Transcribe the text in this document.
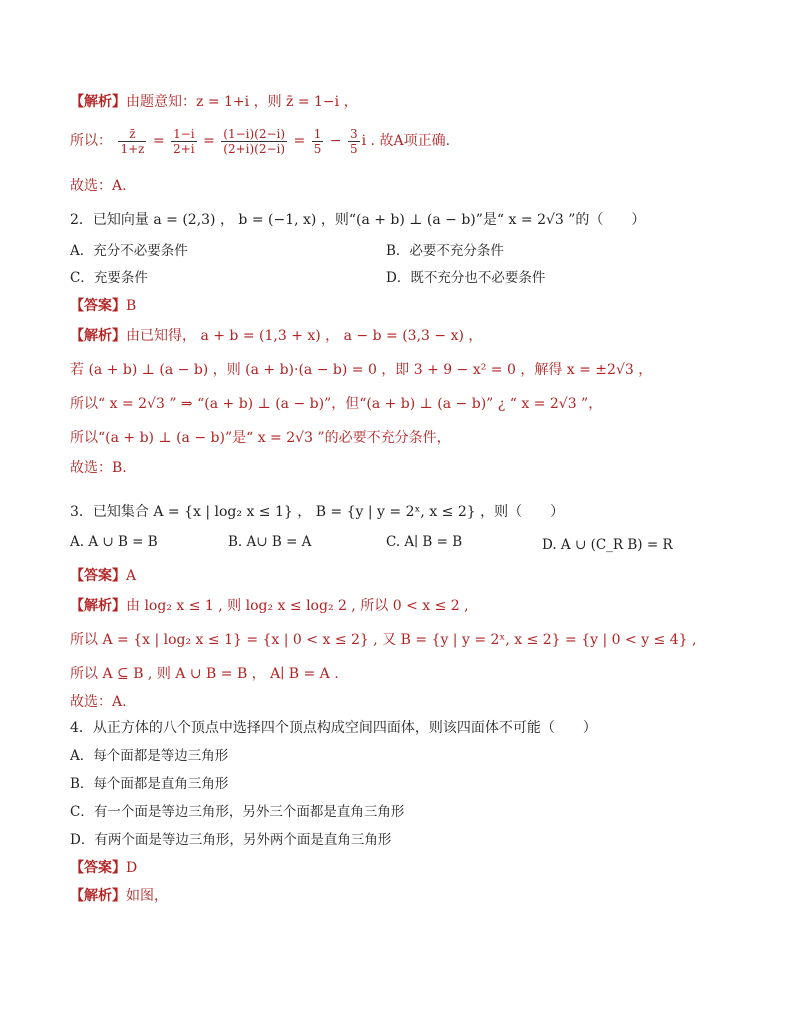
【解析】由题意知：z = 1+i ，则 z̄ = 1−i ，
所以： $\frac{z̄}{1+z} = \frac{1-i}{2+i} = \frac{(1-i)(2-i)}{(2+i)(2-i)} = \frac{1}{5} - \frac{3}{5}$ i . 故A项正确.
故选：A.
2．已知向量 a = (2,3) ， b = (−1, x) ，则“(a + b) ⊥ (a − b)”是“ x = 2√3 ”的（　　）
A．充分不必要条件	B．必要不充分条件
C．充要条件	D．既不充分也不必要条件
【答案】B
【解析】由已知得， a + b = (1,3 + x) ， a − b = (3,3 − x) ，
若 (a + b) ⊥ (a − b) ，则 (a + b)·(a − b) = 0 ，即 3 + 9 − x² = 0 ，解得 x = ±2√3 ，
所以“ x = 2√3 ” ⇒ “(a + b) ⊥ (a − b)”，但“(a + b) ⊥ (a − b)” ¿ “ x = 2√3 ”，
所以“(a + b) ⊥ (a − b)”是“ x = 2√3 ”的必要不充分条件，
故选：B.
3．已知集合 A = {x | log₂ x ≤ 1} ， B = {y | y = 2ˣ, x ≤ 2} ，则（　　）
A. A ∪ B = B	B. A∪ B = A	C. A∣ B = B	D. A ∪ (C_R B) = R
【答案】A
【解析】由 log₂ x ≤ 1 , 则 log₂ x ≤ log₂ 2 , 所以 0 < x ≤ 2 ,
所以 A = {x | log₂ x ≤ 1} = {x | 0 < x ≤ 2} , 又 B = {y | y = 2ˣ, x ≤ 2} = {y | 0 < y ≤ 4} ,
所以 A ⊆ B , 则 A ∪ B = B ， A∣ B = A .
故选：A.
4．从正方体的八个顶点中选择四个顶点构成空间四面体，则该四面体不可能（　　）
A．每个面都是等边三角形
B．每个面都是直角三角形
C．有一个面是等边三角形，另外三个面都是直角三角形
D．有两个面是等边三角形，另外两个面是直角三角形
【答案】D
【解析】如图，
